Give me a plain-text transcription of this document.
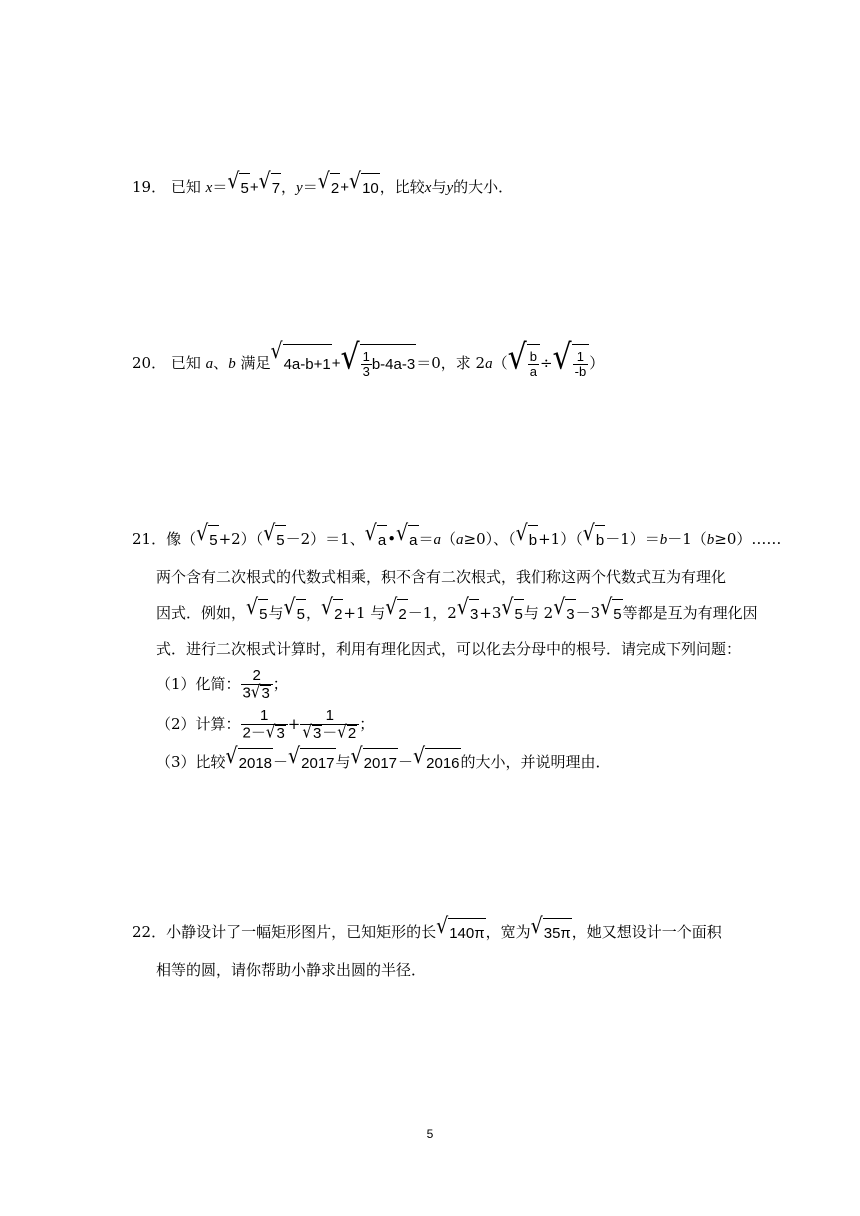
19． 已知 x＝ √ 5 + √ 7 ，y＝ √ 2 + √ 10 ，比较x与y的大小．
20． 已知 a、b 满足 √
4a-b+1 + √ $\frac{1}{3} b-4a-3 =0$，求 2a（ √ $\frac{b}{a}$ ÷ √ $\frac{1}{-b}$ ）
21．像（ √ 5 +2）（ √ 5 －2）＝1、 √ a • √ a ＝a（a≥0）、（ √ b +1）（ √ b －1）＝b－1（b≥0）……
两个含有二次根式的代数式相乘，积不含有二次根式，我们称这两个代数式互为有理化
因式．例如， √ 5 与 √ 5 ， √ 2 +1 与 √ 2 －1，2 √ 3 +3 √ 5 与 2 √ 3 －3 √ 5 等都是互为有理化因
式．进行二次根式计算时，利用有理化因式，可以化去分母中的根号．请完成下列问题：
（1）化简： $\frac{2}{3 √ 3}$ ；
（2）计算： $\frac{1}{2- √ 3} + \frac{1}{√ 3 - √ 2}$ ；
（3）比较 √ 2018 － √ 2017 与 √ 2017 － √ 2016 的大小，并说明理由．
22．小静设计了一幅矩形图片，已知矩形的长 √ 140π ，宽为 √ 35π ，她又想设计一个面积
相等的圆，请你帮助小静求出圆的半径．
5
